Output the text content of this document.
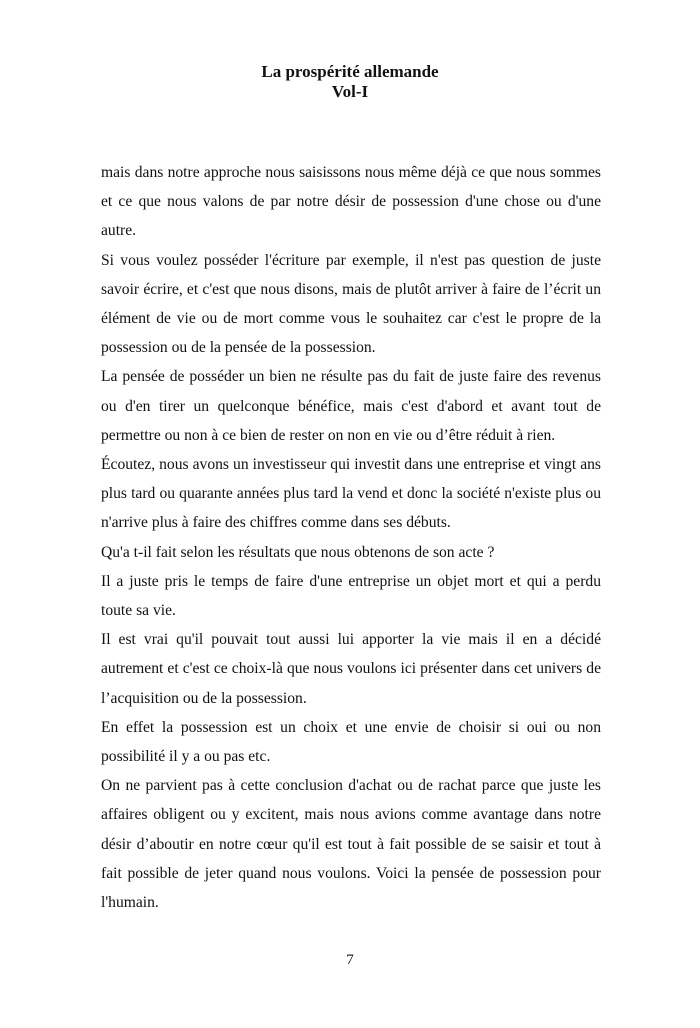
La prospérité allemande
Vol-I

mais dans notre approche nous saisissons nous même déjà ce que nous sommes et ce que nous valons de par notre désir de possession d'une chose ou d'une autre.

Si vous voulez posséder l'écriture par exemple, il n'est pas question de juste savoir écrire, et c'est que nous disons, mais de plutôt arriver à faire de l’écrit un élément de vie ou de mort comme vous le souhaitez car c'est le propre de la possession ou de la pensée de la possession.

La pensée de posséder un bien ne résulte pas du fait de juste faire des revenus ou d'en tirer un quelconque bénéfice, mais c'est d'abord et avant tout de permettre ou non à ce bien de rester on non en vie ou d’être réduit à rien.

Écoutez, nous avons un investisseur qui investit dans une entreprise et vingt ans plus tard ou quarante années plus tard la vend et donc la société n'existe plus ou n'arrive plus à faire des chiffres comme dans ses débuts.

Qu'a t-il fait selon les résultats que nous obtenons de son acte ?

Il a juste pris le temps de faire d'une entreprise un objet mort et qui a perdu toute sa vie.

Il est vrai qu'il pouvait tout aussi lui apporter la vie mais il en a décidé autrement et c'est ce choix-là que nous voulons ici présenter dans cet univers de l’acquisition ou de la possession.

En effet la possession est un choix et une envie de choisir si oui ou non possibilité il y a ou pas etc.

On ne parvient pas à cette conclusion d'achat ou de rachat parce que juste les affaires obligent ou y excitent, mais nous avions comme avantage dans notre désir d’aboutir en notre cœur qu'il est tout à fait possible de se saisir et tout à fait possible de jeter quand nous voulons. Voici la pensée de possession pour l'humain.

7
